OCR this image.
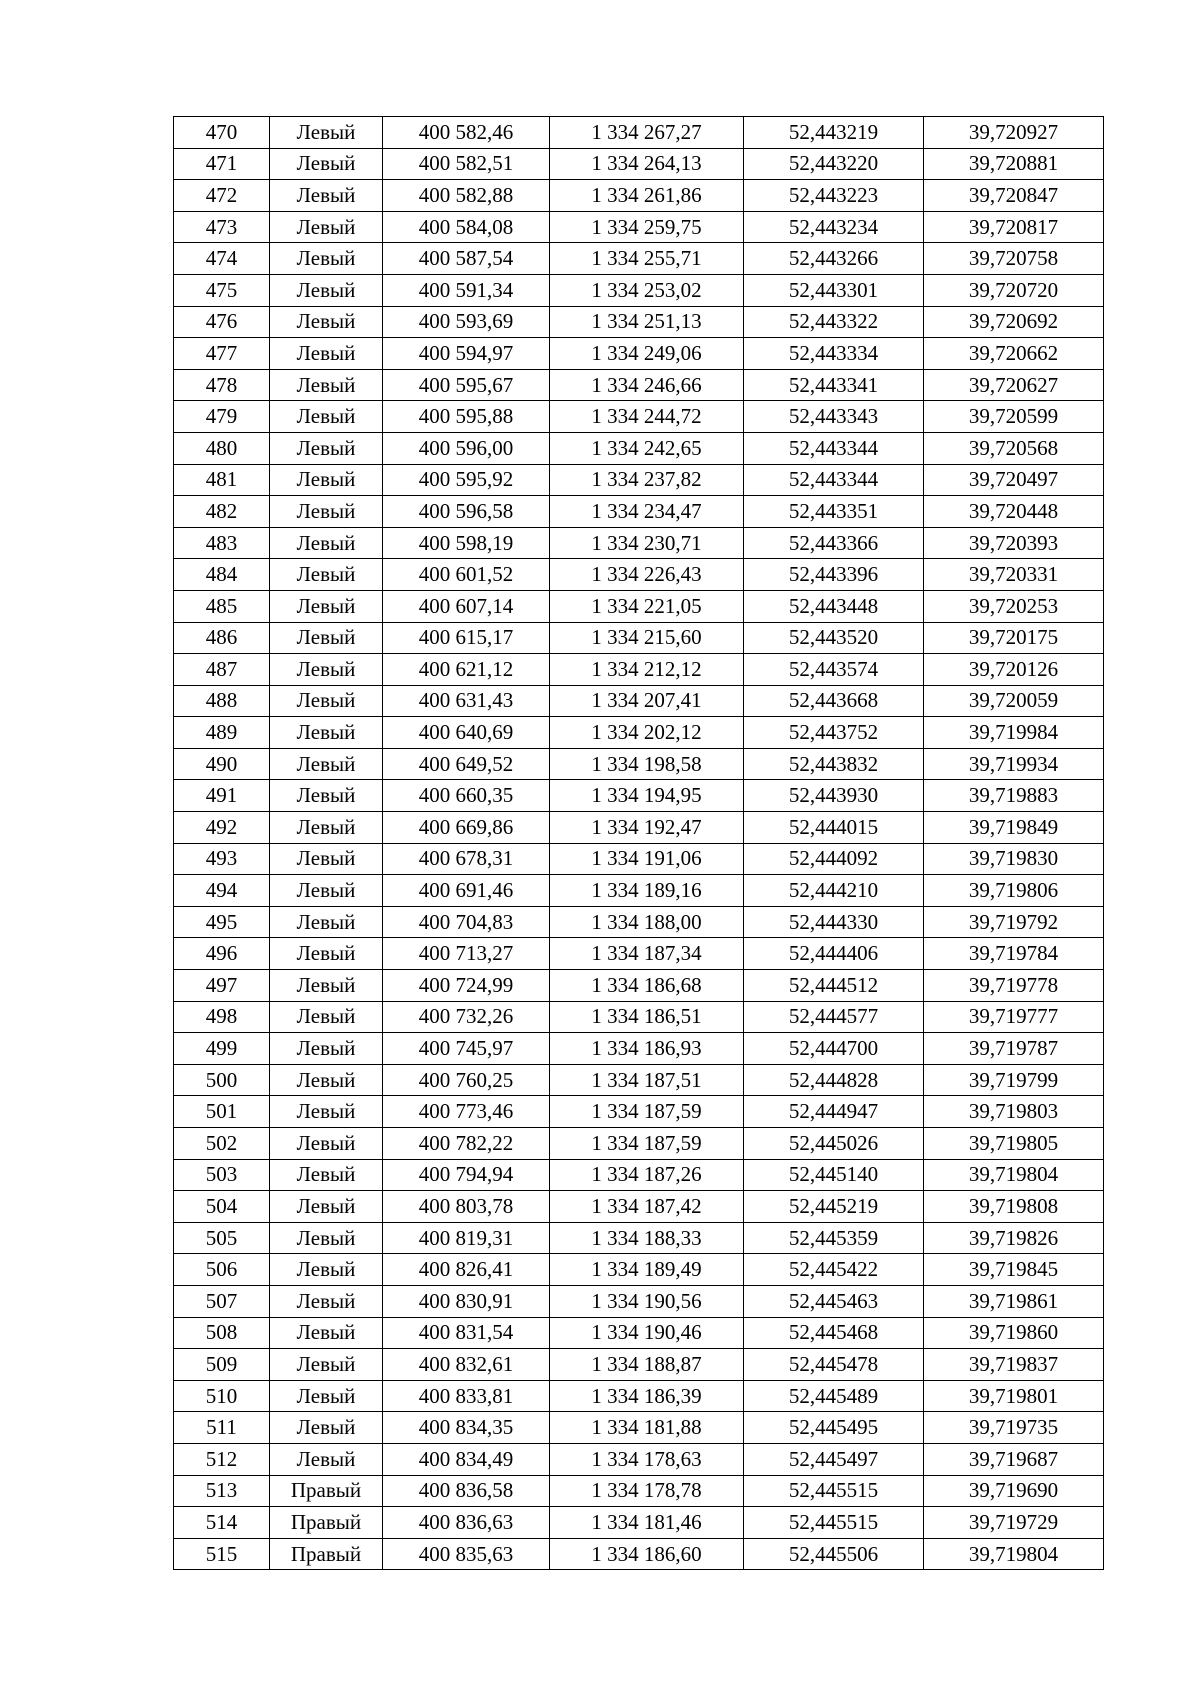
470	Левый	400 582,46	1 334 267,27	52,443219	39,720927
471	Левый	400 582,51	1 334 264,13	52,443220	39,720881
472	Левый	400 582,88	1 334 261,86	52,443223	39,720847
473	Левый	400 584,08	1 334 259,75	52,443234	39,720817
474	Левый	400 587,54	1 334 255,71	52,443266	39,720758
475	Левый	400 591,34	1 334 253,02	52,443301	39,720720
476	Левый	400 593,69	1 334 251,13	52,443322	39,720692
477	Левый	400 594,97	1 334 249,06	52,443334	39,720662
478	Левый	400 595,67	1 334 246,66	52,443341	39,720627
479	Левый	400 595,88	1 334 244,72	52,443343	39,720599
480	Левый	400 596,00	1 334 242,65	52,443344	39,720568
481	Левый	400 595,92	1 334 237,82	52,443344	39,720497
482	Левый	400 596,58	1 334 234,47	52,443351	39,720448
483	Левый	400 598,19	1 334 230,71	52,443366	39,720393
484	Левый	400 601,52	1 334 226,43	52,443396	39,720331
485	Левый	400 607,14	1 334 221,05	52,443448	39,720253
486	Левый	400 615,17	1 334 215,60	52,443520	39,720175
487	Левый	400 621,12	1 334 212,12	52,443574	39,720126
488	Левый	400 631,43	1 334 207,41	52,443668	39,720059
489	Левый	400 640,69	1 334 202,12	52,443752	39,719984
490	Левый	400 649,52	1 334 198,58	52,443832	39,719934
491	Левый	400 660,35	1 334 194,95	52,443930	39,719883
492	Левый	400 669,86	1 334 192,47	52,444015	39,719849
493	Левый	400 678,31	1 334 191,06	52,444092	39,719830
494	Левый	400 691,46	1 334 189,16	52,444210	39,719806
495	Левый	400 704,83	1 334 188,00	52,444330	39,719792
496	Левый	400 713,27	1 334 187,34	52,444406	39,719784
497	Левый	400 724,99	1 334 186,68	52,444512	39,719778
498	Левый	400 732,26	1 334 186,51	52,444577	39,719777
499	Левый	400 745,97	1 334 186,93	52,444700	39,719787
500	Левый	400 760,25	1 334 187,51	52,444828	39,719799
501	Левый	400 773,46	1 334 187,59	52,444947	39,719803
502	Левый	400 782,22	1 334 187,59	52,445026	39,719805
503	Левый	400 794,94	1 334 187,26	52,445140	39,719804
504	Левый	400 803,78	1 334 187,42	52,445219	39,719808
505	Левый	400 819,31	1 334 188,33	52,445359	39,719826
506	Левый	400 826,41	1 334 189,49	52,445422	39,719845
507	Левый	400 830,91	1 334 190,56	52,445463	39,719861
508	Левый	400 831,54	1 334 190,46	52,445468	39,719860
509	Левый	400 832,61	1 334 188,87	52,445478	39,719837
510	Левый	400 833,81	1 334 186,39	52,445489	39,719801
511	Левый	400 834,35	1 334 181,88	52,445495	39,719735
512	Левый	400 834,49	1 334 178,63	52,445497	39,719687
513	Правый	400 836,58	1 334 178,78	52,445515	39,719690
514	Правый	400 836,63	1 334 181,46	52,445515	39,719729
515	Правый	400 835,63	1 334 186,60	52,445506	39,719804
